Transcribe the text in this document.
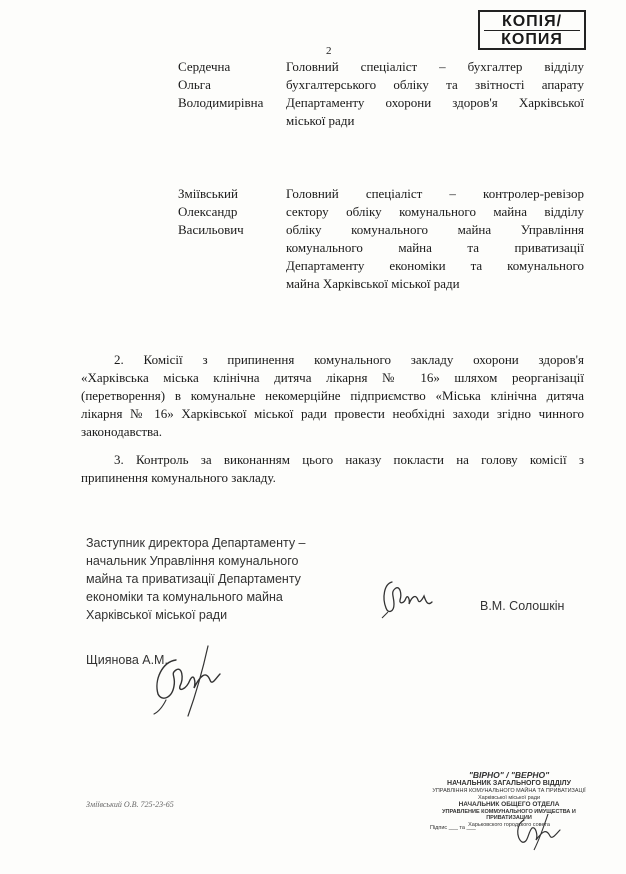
КОПІЯ/
КОПИЯ
2
Сердечна
Ольга
Володимирівна
Головний спеціаліст – бухгалтер відділу
бухгалтерського обліку та звітності апарату
Департаменту охорони здоров'я Харківської
міської ради
Зміївський
Олександр
Васильович
Головний спеціаліст – контролер-ревізор
сектору обліку комунального майна відділу
обліку комунального майна Управління
комунального майна та приватизації
Департаменту економіки та комунального
майна Харківської міської ради
2. Комісії з припинення комунального закладу охорони здоров'я
«Харківська міська клінічна дитяча лікарня № 16» шляхом реорганізації
(перетворення) в комунальне некомерційне підприємство «Міська клінічна дитяча
лікарня № 16» Харківської міської ради провести необхідні заходи згідно чинного
законодавства.
3. Контроль за виконанням цього наказу покласти на голову комісії з
припинення комунального закладу.
Заступник директора Департаменту –
начальник Управління комунального
майна та приватизації Департаменту
економіки та комунального майна
Харківської міської ради
В.М. Солошкін
Щиянова А.М.
Зміївський О.В. 725-23-65
"ВІРНО" / "ВЕРНО"
НАЧАЛЬНИК ЗАГАЛЬНОГО ВІДДІЛУ
УПРАВЛІННЯ КОМУНАЛЬНОГО МАЙНА ТА ПРИВАТИЗАЦІЇ
Харківської міської ради
НАЧАЛЬНИК ОБЩЕГО ОТДЕЛА
УПРАВЛЕНИЕ КОММУНАЛЬНОГО ИМУЩЕСТВА И ПРИВАТИЗАЦИИ
Харьковского городского совета
Підпис ___ та ___
